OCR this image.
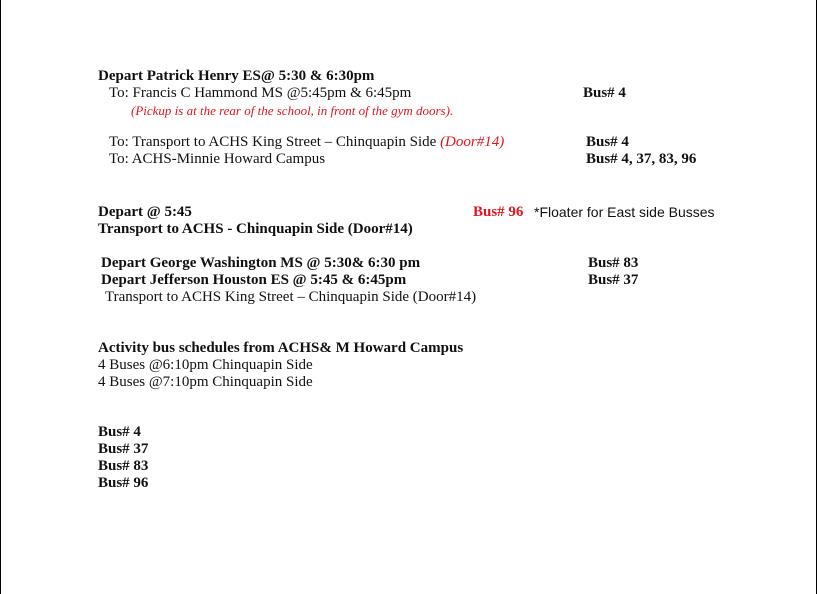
Depart Patrick Henry ES@ 5:30 & 6:30pm
To: Francis C Hammond MS @5:45pm & 6:45pm	Bus# 4
(Pickup is at the rear of the school, in front of the gym doors).
To: Transport to ACHS King Street – Chinquapin Side (Door#14)	Bus# 4
To: ACHS-Minnie Howard Campus	Bus# 4, 37, 83, 96
Depart @ 5:45	Bus# 96 *Floater for East side Busses
Transport to ACHS - Chinquapin Side (Door#14)
Depart George Washington MS @ 5:30& 6:30 pm	Bus# 83
Depart Jefferson Houston ES @ 5:45 & 6:45pm	Bus# 37
Transport to ACHS King Street – Chinquapin Side (Door#14)
Activity bus schedules from ACHS& M Howard Campus
4 Buses @6:10pm Chinquapin Side
4 Buses @7:10pm Chinquapin Side
Bus# 4
Bus# 37
Bus# 83
Bus# 96
